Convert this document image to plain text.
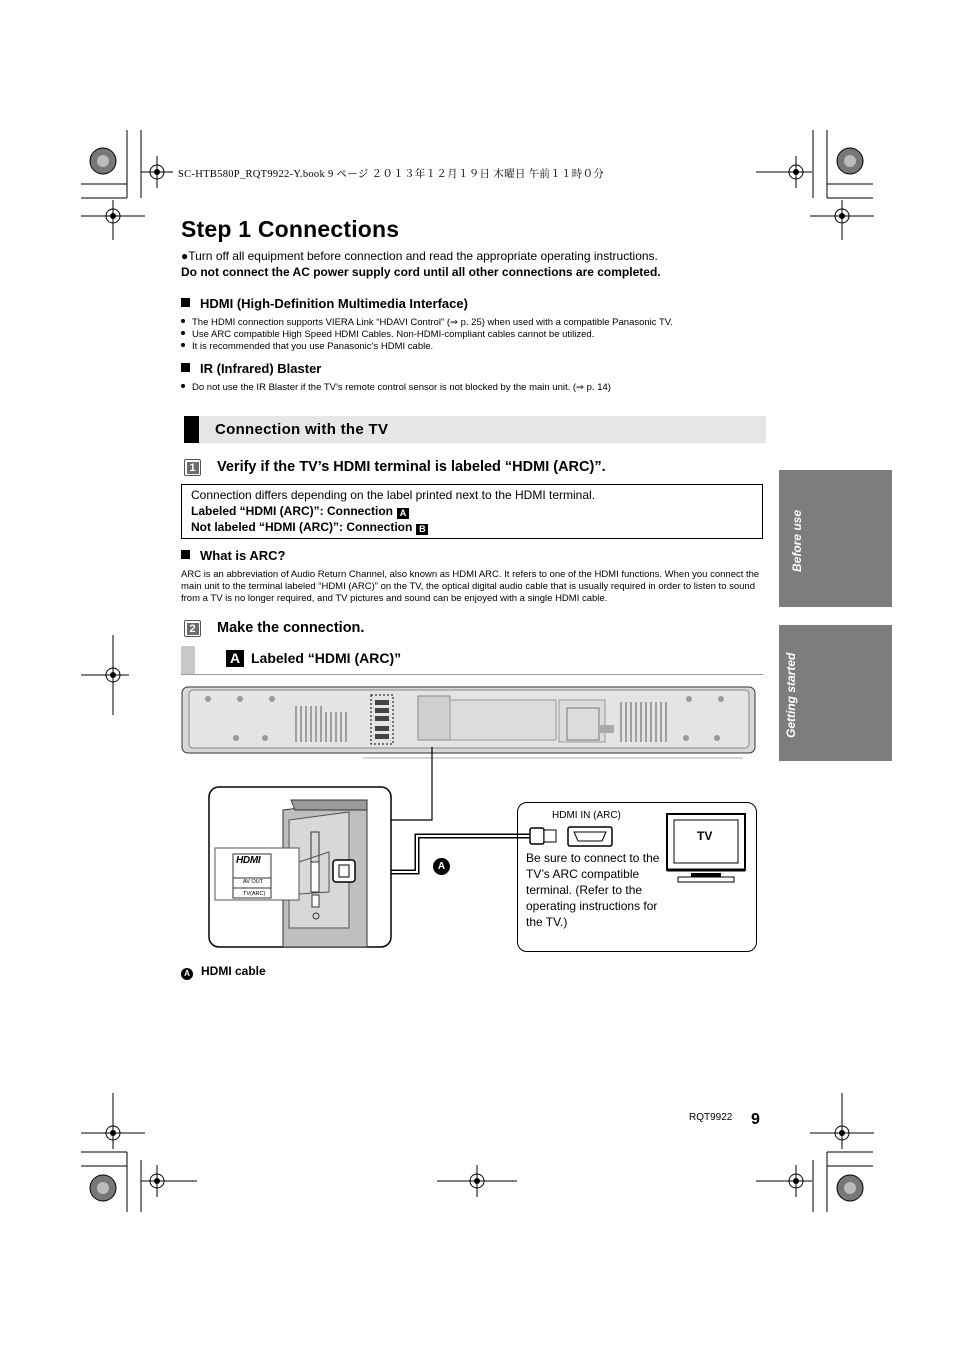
SC-HTB580P_RQT9922-Y.book 9 ページ ２０１３年１２月１９日 木曜日 午前１１時０分
Step 1 Connections
●Turn off all equipment before connection and read the appropriate operating instructions.
Do not connect the AC power supply cord until all other connections are completed.
HDMI (High-Definition Multimedia Interface)
The HDMI connection supports VIERA Link “HDAVI Control” (⇒ p. 25) when used with a compatible Panasonic TV.
Use ARC compatible High Speed HDMI Cables. Non-HDMI-compliant cables cannot be utilized.
It is recommended that you use Panasonic’s HDMI cable.
IR (Infrared) Blaster
Do not use the IR Blaster if the TV’s remote control sensor is not blocked by the main unit. (⇒ p. 14)
Connection with the TV
1 Verify if the TV’s HDMI terminal is labeled “HDMI (ARC)”.
Connection differs depending on the label printed next to the HDMI terminal.
Labeled “HDMI (ARC)”: Connection A
Not labeled “HDMI (ARC)”: Connection B
What is ARC?
ARC is an abbreviation of Audio Return Channel, also known as HDMI ARC. It refers to one of the HDMI functions. When you connect the main unit to the terminal labeled “HDMI (ARC)” on the TV, the optical digital audio cable that is usually required in order to listen to sound from a TV is no longer required, and TV pictures and sound can be enjoyed with a single HDMI cable.
2 Make the connection.
A Labeled “HDMI (ARC)”
HDMI IN (ARC)
Be sure to connect to the TV’s ARC compatible terminal. (Refer to the operating instructions for the TV.)
TV
HDMI
AV OUT
TV(ARC)
A
A HDMI cable
Before use
Getting started
RQT9922 9
